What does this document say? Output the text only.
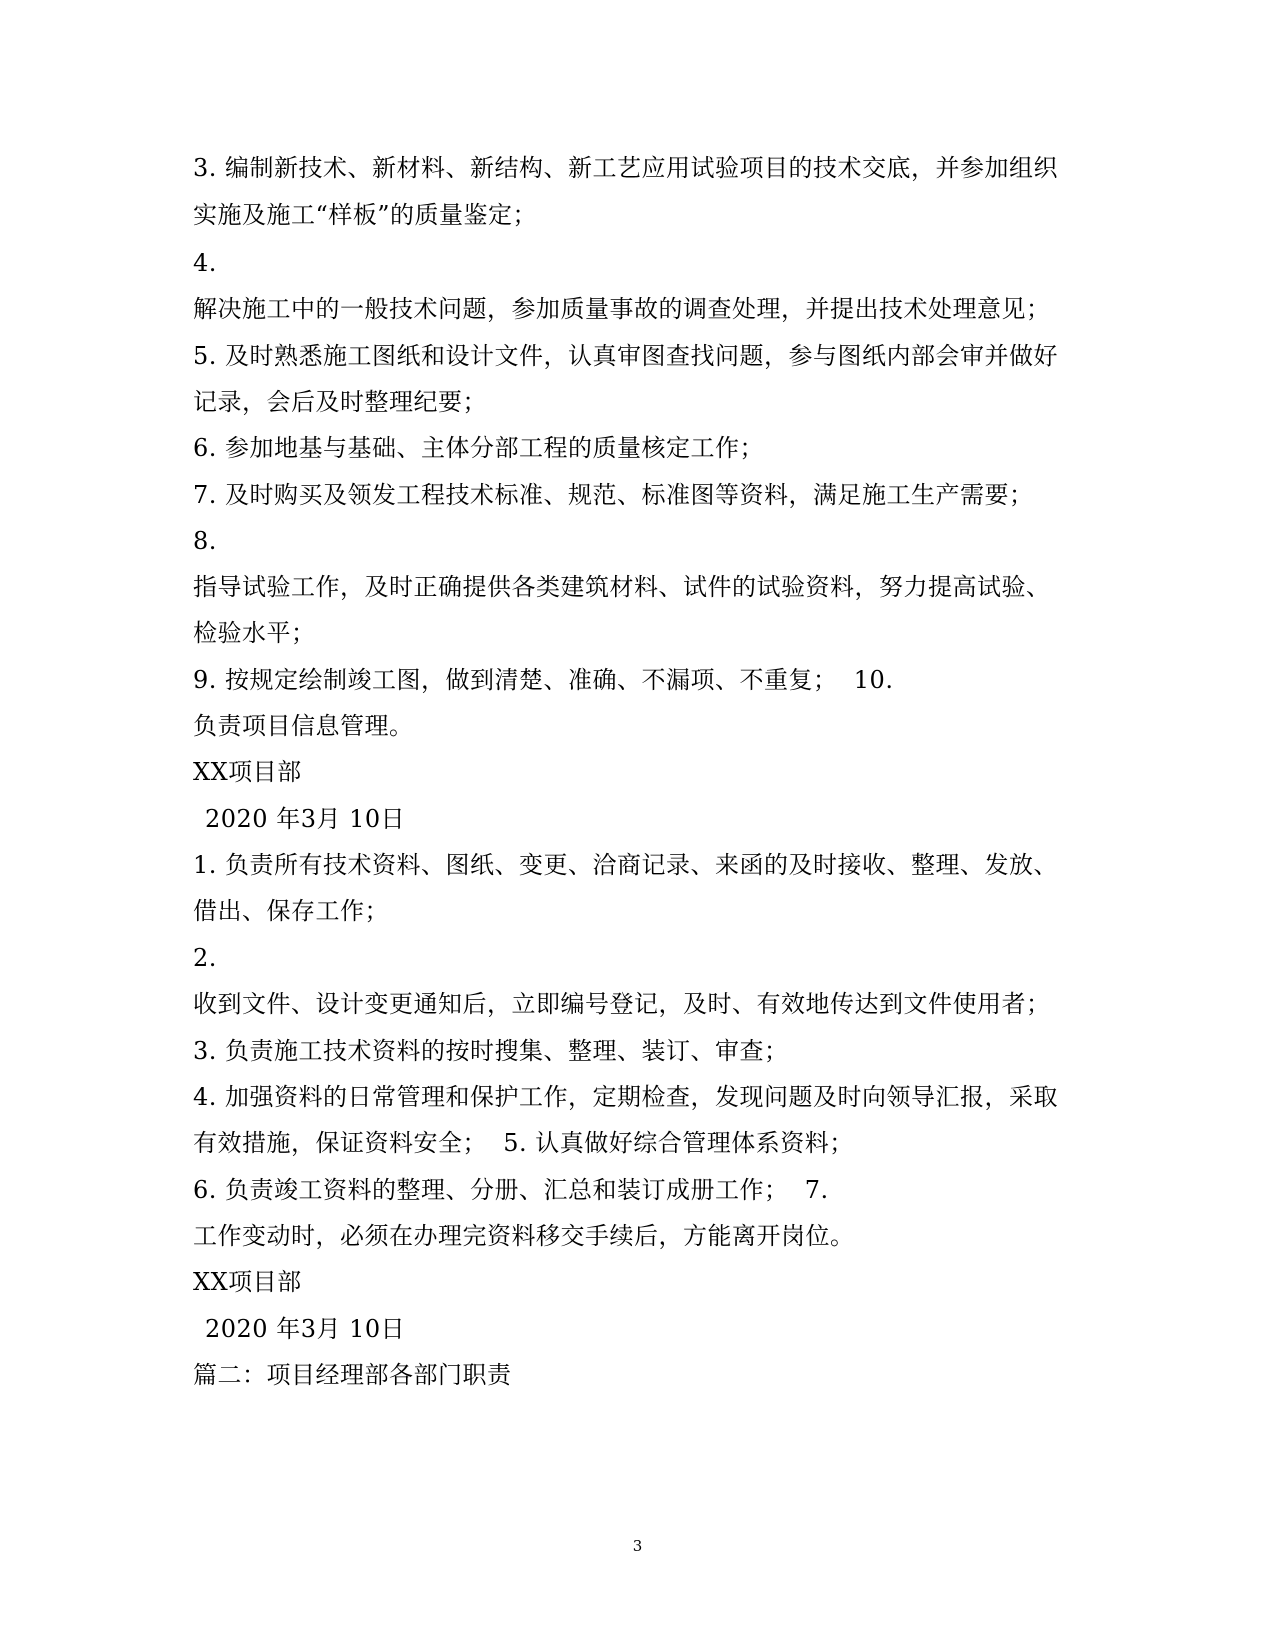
3. 编制新技术、新材料、新结构、新工艺应用试验项目的技术交底，并参加组织
实施及施工“样板”的质量鉴定；
4.
解决施工中的一般技术问题，参加质量事故的调查处理，并提出技术处理意见；
5. 及时熟悉施工图纸和设计文件，认真审图查找问题，参与图纸内部会审并做好
记录，会后及时整理纪要；
6. 参加地基与基础、主体分部工程的质量核定工作；
7. 及时购买及领发工程技术标准、规范、标准图等资料，满足施工生产需要；
8.
指导试验工作，及时正确提供各类建筑材料、试件的试验资料，努力提高试验、
检验水平；
9. 按规定绘制竣工图，做到清楚、准确、不漏项、不重复；  10.
负责项目信息管理。
XX项目部
2020 年3月 10日
1. 负责所有技术资料、图纸、变更、洽商记录、来函的及时接收、整理、发放、
借出、保存工作；
2.
收到文件、设计变更通知后，立即编号登记，及时、有效地传达到文件使用者；
3. 负责施工技术资料的按时搜集、整理、装订、审查；
4. 加强资料的日常管理和保护工作，定期检查，发现问题及时向领导汇报，采取
有效措施，保证资料安全；  5. 认真做好综合管理体系资料；
6. 负责竣工资料的整理、分册、汇总和装订成册工作；  7.
工作变动时，必须在办理完资料移交手续后，方能离开岗位。
XX项目部
2020 年3月 10日
篇二：项目经理部各部门职责
3
